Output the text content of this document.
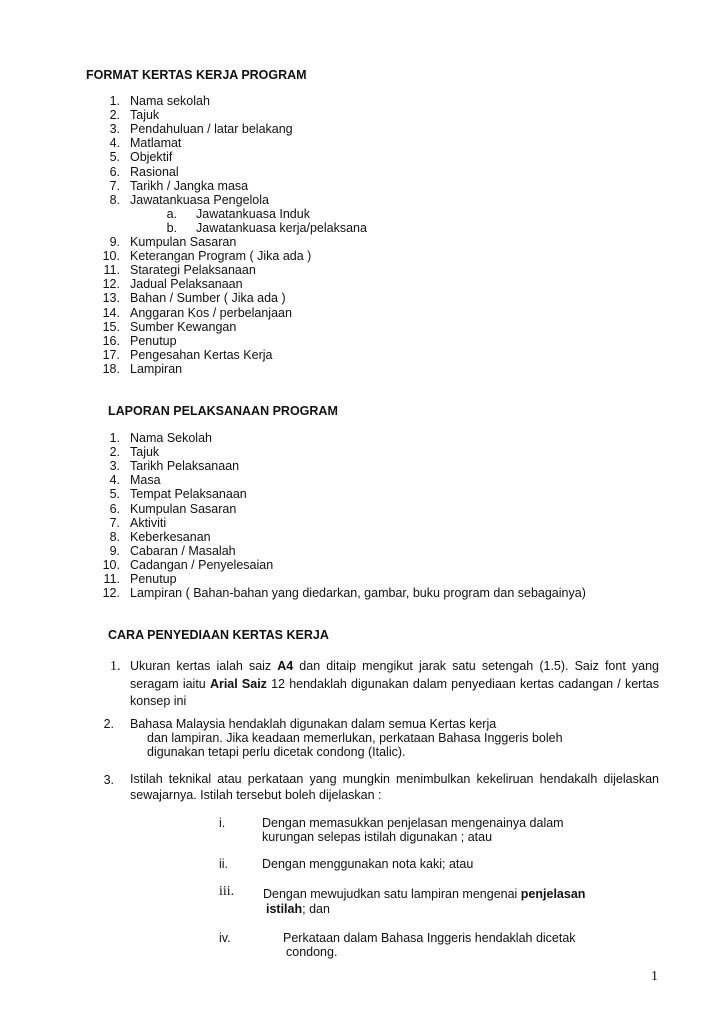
FORMAT KERTAS KERJA PROGRAM
1. Nama sekolah
2. Tajuk
3. Pendahuluan / latar belakang
4. Matlamat
5. Objektif
6. Rasional
7. Tarikh / Jangka masa
8. Jawatankuasa Pengelola
a. Jawatankuasa Induk
b. Jawatankuasa kerja/pelaksana
9. Kumpulan Sasaran
10. Keterangan Program ( Jika ada )
11. Starategi Pelaksanaan
12. Jadual Pelaksanaan
13. Bahan / Sumber ( Jika ada )
14. Anggaran Kos / perbelanjaan
15. Sumber Kewangan
16. Penutup
17. Pengesahan Kertas Kerja
18. Lampiran
LAPORAN PELAKSANAAN PROGRAM
1. Nama Sekolah
2. Tajuk
3. Tarikh Pelaksanaan
4. Masa
5. Tempat Pelaksanaan
6. Kumpulan Sasaran
7. Aktiviti
8. Keberkesanan
9. Cabaran / Masalah
10. Cadangan / Penyelesaian
11. Penutup
12. Lampiran ( Bahan-bahan yang diedarkan, gambar, buku program dan sebagainya)
CARA PENYEDIAAN KERTAS KERJA
1. Ukuran kertas ialah saiz A4 dan ditaip mengikut jarak satu setengah (1.5). Saiz font yang
seragam iaitu Arial Saiz 12 hendaklah digunakan dalam penyediaan kertas cadangan / kertas
konsep ini
2. Bahasa Malaysia hendaklah digunakan dalam semua Kertas kerja
dan lampiran. Jika keadaan memerlukan, perkataan Bahasa Inggeris boleh
digunakan tetapi perlu dicetak condong (Italic).
3. Istilah teknikal atau perkataan yang mungkin menimbulkan kekeliruan hendakalh dijelaskan
sewajarnya. Istilah tersebut boleh dijelaskan :
i.	Dengan memasukkan penjelasan mengenainya dalam
kurungan selepas istilah digunakan ; atau
ii.	Dengan menggunakan nota kaki; atau
iii. Dengan mewujudkan satu lampiran mengenai penjelasan
istilah; dan
iv.	Perkataan dalam Bahasa Inggeris hendaklah dicetak
condong.
1
